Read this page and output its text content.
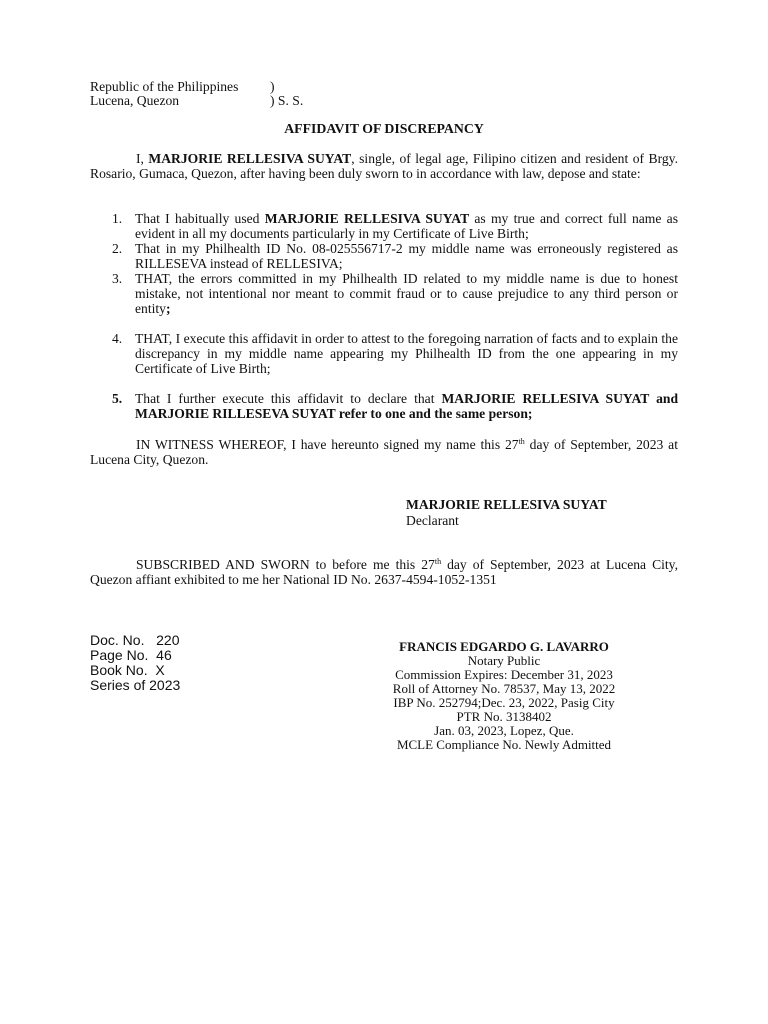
Republic of the Philippines )
Lucena, Quezon	) S. S.
AFFIDAVIT OF DISCREPANCY
I, MARJORIE RELLESIVA SUYAT, single, of legal age, Filipino citizen and resident of Brgy. Rosario, Gumaca, Quezon, after having been duly sworn to in accordance with law, depose and state:
1. That I habitually used MARJORIE RELLESIVA SUYAT as my true and correct full name as evident in all my documents particularly in my Certificate of Live Birth;
2. That in my Philhealth ID No. 08-025556717-2 my middle name was erroneously registered as RILLESEVA instead of RELLESIVA;
3. THAT, the errors committed in my Philhealth ID related to my middle name is due to honest mistake, not intentional nor meant to commit fraud or to cause prejudice to any third person or entity;
4. THAT, I execute this affidavit in order to attest to the foregoing narration of facts and to explain the discrepancy in my middle name appearing my Philhealth ID from the one appearing in my Certificate of Live Birth;
5. That I further execute this affidavit to declare that MARJORIE RELLESIVA SUYAT and MARJORIE RILLESEVA SUYAT refer to one and the same person;
IN WITNESS WHEREOF, I have hereunto signed my name this 27th day of September, 2023 at Lucena City, Quezon.
MARJORIE RELLESIVA SUYAT
Declarant
SUBSCRIBED AND SWORN to before me this 27th day of September, 2023 at Lucena City, Quezon affiant exhibited to me her National ID No. 2637-4594-1052-1351
Doc. No.   220
Page No.  46
Book No.  X
Series of 2023
FRANCIS EDGARDO G. LAVARRO
Notary Public
Commission Expires: December 31, 2023
Roll of Attorney No. 78537, May 13, 2022
IBP No. 252794;Dec. 23, 2022, Pasig City
PTR No. 3138402
Jan. 03, 2023, Lopez, Que.
MCLE Compliance No. Newly Admitted
